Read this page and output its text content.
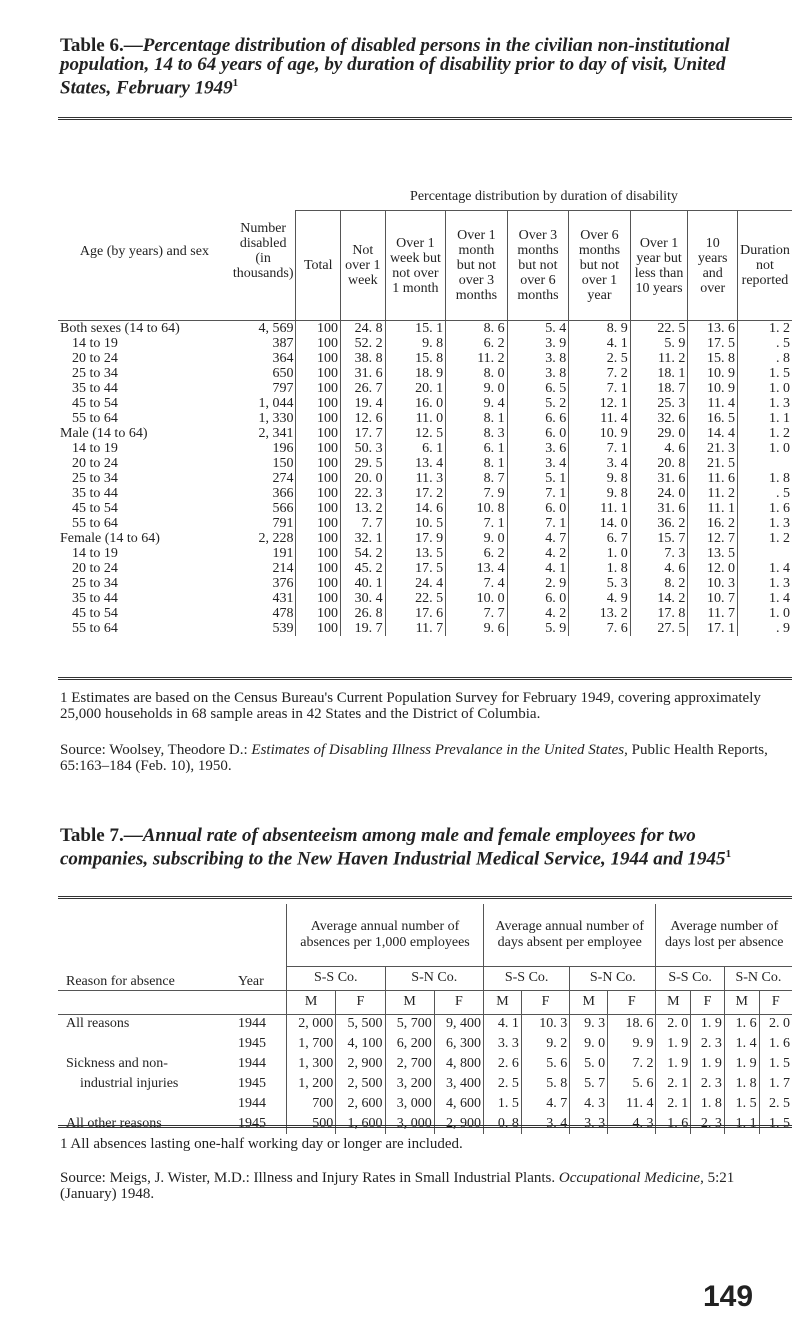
Table 6.—Percentage distribution of disabled persons in the civilian non-institutional population, 14 to 64 years of age, by duration of disability prior to day of visit, United States, February 1949$^1$
Age (by years) and sex	Number disabled (in thousands)	Percentage distribution by duration of disability								
		Total	Not over 1 week	Over 1 week but not over 1 month	Over 1 month but not over 3 months	Over 3 months but not over 6 months	Over 6 months but not over 1 year	Over 1 year but less than 10 years	10 years and over	Duration not reported
Both sexes (14 to 64)	4, 569	100	24. 8	15. 1	8. 6	5. 4	8. 9	22. 5	13. 6	1. 2
14 to 19	387	100	52. 2	9. 8	6. 2	3. 9	4. 1	5. 9	17. 5	. 5
20 to 24	364	100	38. 8	15. 8	11. 2	3. 8	2. 5	11. 2	15. 8	. 8
25 to 34	650	100	31. 6	18. 9	8. 0	3. 8	7. 2	18. 1	10. 9	1. 5
35 to 44	797	100	26. 7	20. 1	9. 0	6. 5	7. 1	18. 7	10. 9	1. 0
45 to 54	1, 044	100	19. 4	16. 0	9. 4	5. 2	12. 1	25. 3	11. 4	1. 3
55 to 64	1, 330	100	12. 6	11. 0	8. 1	6. 6	11. 4	32. 6	16. 5	1. 1
Male (14 to 64)	2, 341	100	17. 7	12. 5	8. 3	6. 0	10. 9	29. 0	14. 4	1. 2
14 to 19	196	100	50. 3	6. 1	6. 1	3. 6	7. 1	4. 6	21. 3	1. 0
20 to 24	150	100	29. 5	13. 4	8. 1	3. 4	3. 4	20. 8	21. 5	
25 to 34	274	100	20. 0	11. 3	8. 7	5. 1	9. 8	31. 6	11. 6	1. 8
35 to 44	366	100	22. 3	17. 2	7. 9	7. 1	9. 8	24. 0	11. 2	. 5
45 to 54	566	100	13. 2	14. 6	10. 8	6. 0	11. 1	31. 6	11. 1	1. 6
55 to 64	791	100	7. 7	10. 5	7. 1	7. 1	14. 0	36. 2	16. 2	1. 3
Female (14 to 64)	2, 228	100	32. 1	17. 9	9. 0	4. 7	6. 7	15. 7	12. 7	1. 2
14 to 19	191	100	54. 2	13. 5	6. 2	4. 2	1. 0	7. 3	13. 5	
20 to 24	214	100	45. 2	17. 5	13. 4	4. 1	1. 8	4. 6	12. 0	1. 4
25 to 34	376	100	40. 1	24. 4	7. 4	2. 9	5. 3	8. 2	10. 3	1. 3
35 to 44	431	100	30. 4	22. 5	10. 0	6. 0	4. 9	14. 2	10. 7	1. 4
45 to 54	478	100	26. 8	17. 6	7. 7	4. 2	13. 2	17. 8	11. 7	1. 0
55 to 64	539	100	19. 7	11. 7	9. 6	5. 9	7. 6	27. 5	17. 1	. 9
1 Estimates are based on the Census Bureau's Current Population Survey for February 1949, covering approximately 25,000 households in 68 sample areas in 42 States and the District of Columbia.
Source: Woolsey, Theodore D.: Estimates of Disabling Illness Prevalance in the United States, Public Health Reports, 65:163–184 (Feb. 10), 1950.
Table 7.—Annual rate of absenteeism among male and female employees for two companies, subscribing to the New Haven Industrial Medical Service, 1944 and 1945$^1$
Reason for absence	Year	Average annual number of absences per 1,000 employees				Average annual number of days absent per employee				Average number of days lost per absence			
		S-S Co.		S-N Co.		S-S Co.		S-N Co.		S-S Co.		S-N Co.	
		M	F	M	F	M	F	M	F	M	F	M	F
All reasons	1944	2, 000	5, 500	5, 700	9, 400	4. 1	10. 3	9. 3	18. 6	2. 0	1. 9	1. 6	2. 0
	1945	1, 700	4, 100	6, 200	6, 300	3. 3	9. 2	9. 0	9. 9	1. 9	2. 3	1. 4	1. 6
Sickness and non-	1944	1, 300	2, 900	2, 700	4, 800	2. 6	5. 6	5. 0	7. 2	1. 9	1. 9	1. 9	1. 5
industrial injuries	1945	1, 200	2, 500	3, 200	3, 400	2. 5	5. 8	5. 7	5. 6	2. 1	2. 3	1. 8	1. 7
	1944	700	2, 600	3, 000	4, 600	1. 5	4. 7	4. 3	11. 4	2. 1	1. 8	1. 5	2. 5
All other reasons	1945	500	1, 600	3, 000	2, 900	0. 8	3. 4	3. 3	4. 3	1. 6	2. 3	1. 1	1. 5
1 All absences lasting one-half working day or longer are included.
Source: Meigs, J. Wister, M.D.: Illness and Injury Rates in Small Industrial Plants. Occupational Medicine, 5:21 (January) 1948.
149
